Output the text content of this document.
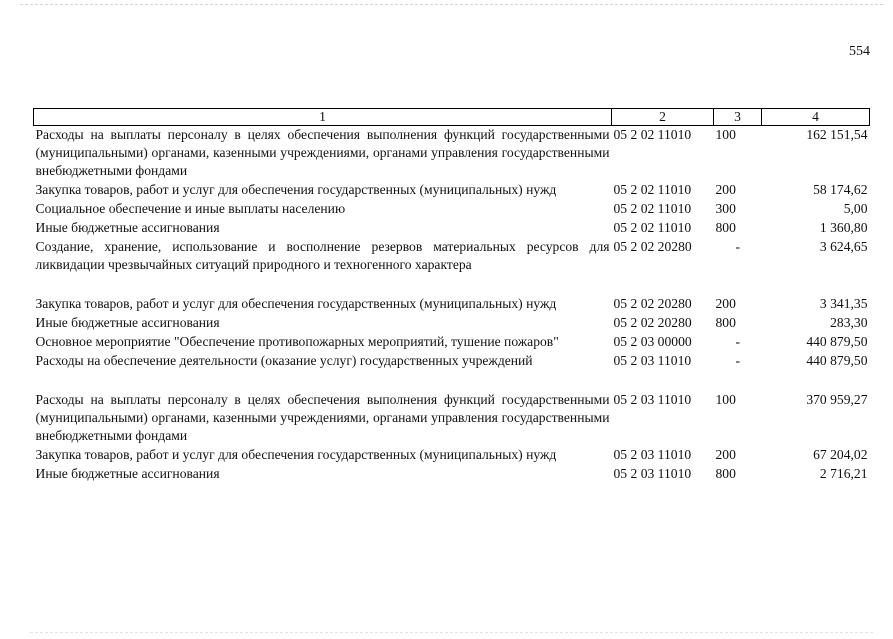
554
1	2	3	4
Расходы на выплаты персоналу в целях обеспечения выполнения функций государственными (муниципальными) органами, казенными учреждениями, органами управления государственными внебюджетными фондами	05 2 02 11010	100	162 151,54
Закупка товаров, работ и услуг для обеспечения государственных (муниципальных) нужд	05 2 02 11010	200	58 174,62
Социальное обеспечение и иные выплаты населению	05 2 02 11010	300	5,00
Иные бюджетные ассигнования	05 2 02 11010	800	1 360,80
Создание, хранение, использование и восполнение резервов материальных ресурсов для ликвидации чрезвычайных ситуаций природного и техногенного характера	05 2 02 20280	-	3 624,65
Закупка товаров, работ и услуг для обеспечения государственных (муниципальных) нужд	05 2 02 20280	200	3 341,35
Иные бюджетные ассигнования	05 2 02 20280	800	283,30
Основное мероприятие "Обеспечение противопожарных мероприятий, тушение пожаров"	05 2 03 00000	-	440 879,50
Расходы на обеспечение деятельности (оказание услуг) государственных учреждений	05 2 03 11010	-	440 879,50
Расходы на выплаты персоналу в целях обеспечения выполнения функций государственными (муниципальными) органами, казенными учреждениями, органами управления государственными внебюджетными фондами	05 2 03 11010	100	370 959,27
Закупка товаров, работ и услуг для обеспечения государственных (муниципальных) нужд	05 2 03 11010	200	67 204,02
Иные бюджетные ассигнования	05 2 03 11010	800	2 716,21
